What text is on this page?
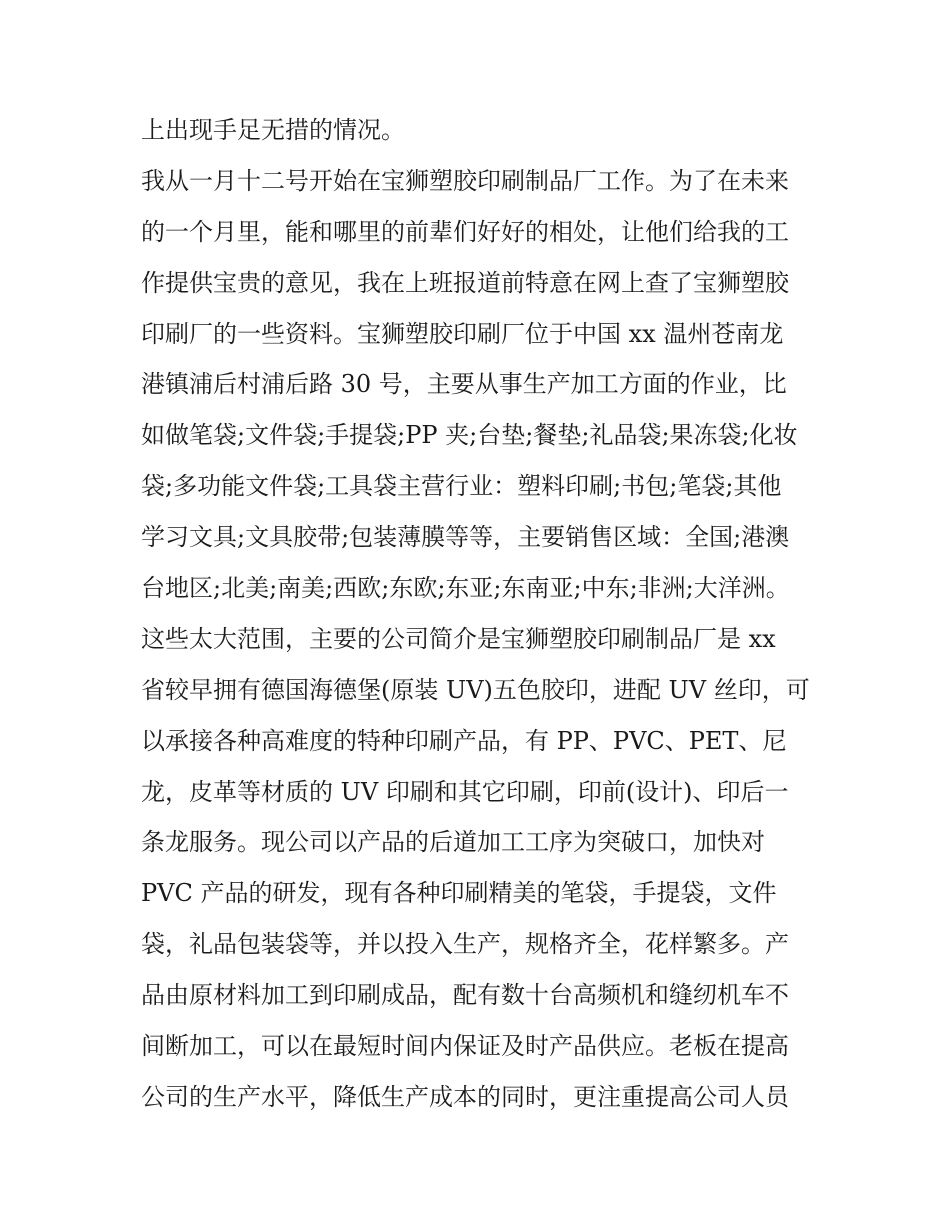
上出现手足无措的情况。
我从一月十二号开始在宝狮塑胶印刷制品厂工作。为了在未来
的一个月里，能和哪里的前辈们好好的相处，让他们给我的工
作提供宝贵的意见，我在上班报道前特意在网上查了宝狮塑胶
印刷厂的一些资料。宝狮塑胶印刷厂位于中国 xx 温州苍南龙
港镇浦后村浦后路 30 号，主要从事生产加工方面的作业，比
如做笔袋;文件袋;手提袋;PP 夹;台垫;餐垫;礼品袋;果冻袋;化妆
袋;多功能文件袋;工具袋主营行业：塑料印刷;书包;笔袋;其他
学习文具;文具胶带;包装薄膜等等，主要销售区域：全国;港澳
台地区;北美;南美;西欧;东欧;东亚;东南亚;中东;非洲;大洋洲。
这些太大范围，主要的公司简介是宝狮塑胶印刷制品厂是 xx
省较早拥有德国海德堡(原装 UV)五色胶印，进配 UV 丝印，可
以承接各种高难度的特种印刷产品，有 PP、PVC、PET、尼
龙，皮革等材质的 UV 印刷和其它印刷，印前(设计)、印后一
条龙服务。现公司以产品的后道加工工序为突破口，加快对
PVC 产品的研发，现有各种印刷精美的笔袋，手提袋，文件
袋，礼品包装袋等，并以投入生产，规格齐全，花样繁多。产
品由原材料加工到印刷成品，配有数十台高频机和缝纫机车不
间断加工，可以在最短时间内保证及时产品供应。老板在提高
公司的生产水平，降低生产成本的同时，更注重提高公司人员
